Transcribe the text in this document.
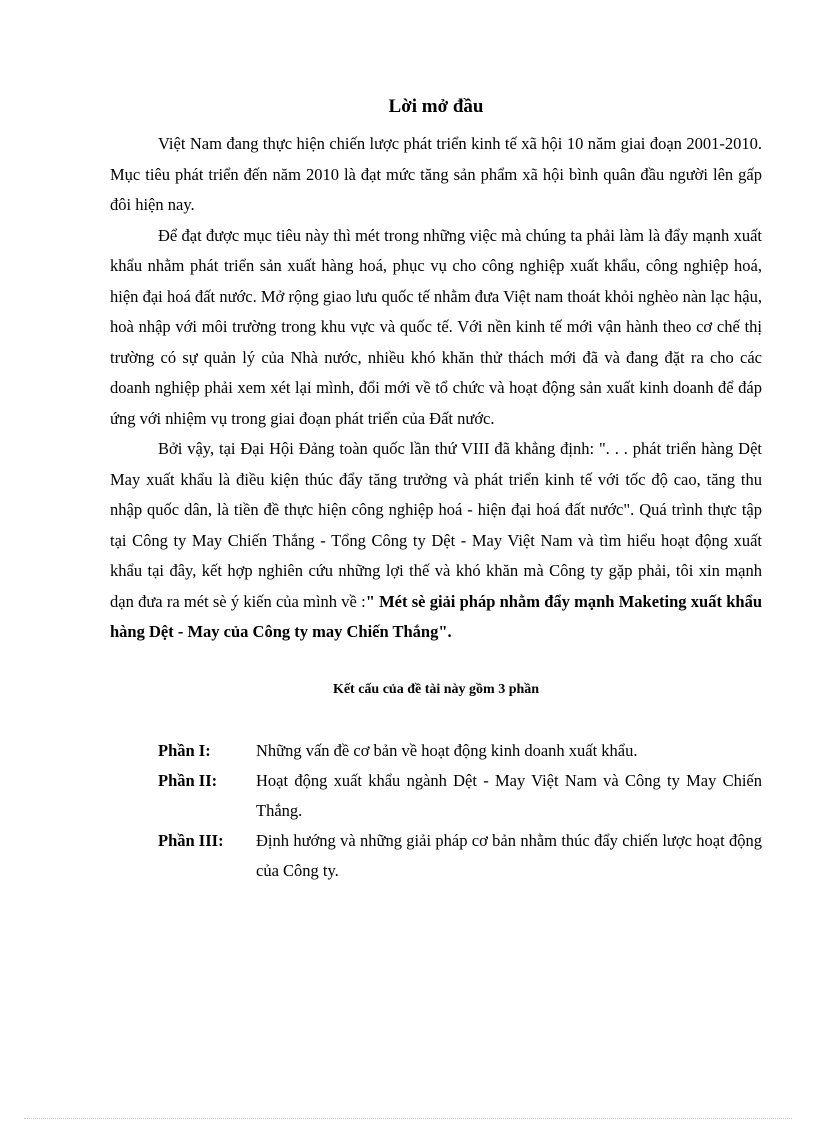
Lời mở đầu

Việt Nam đang thực hiện chiến lược phát triển kinh tế xã hội 10 năm giai đoạn 2001-2010. Mục tiêu phát triển đến năm 2010 là đạt mức tăng sản phẩm xã hội bình quân đầu người lên gấp đôi hiện nay.

Để đạt được mục tiêu này thì mét trong những việc mà chúng ta phải làm là đẩy mạnh xuất khẩu nhằm phát triển sản xuất hàng hoá, phục vụ cho công nghiệp xuất khẩu, công nghiệp hoá, hiện đại hoá đất nước. Mở rộng giao lưu quốc tế nhằm đưa Việt nam thoát khỏi nghèo nàn lạc hậu, hoà nhập với môi trường trong khu vực và quốc tế. Với nền kinh tế mới vận hành theo cơ chế thị trường có sự quản lý của Nhà nước, nhiều khó khăn thử thách mới đã và đang đặt ra cho các doanh nghiệp phải xem xét lại mình, đổi mới về tổ chức và hoạt động sản xuất kinh doanh để đáp ứng với nhiệm vụ trong giai đoạn phát triển của Đất nước.

Bởi vậy, tại Đại Hội Đảng toàn quốc lần thứ VIII đã khẳng định: ". . . phát triển hàng Dệt May xuất khẩu là điều kiện thúc đẩy tăng trưởng và phát triển kinh tế với tốc độ cao, tăng thu nhập quốc dân, là tiền đề thực hiện công nghiệp hoá - hiện đại hoá đất nước". Quá trình thực tập tại Công ty May Chiến Thắng - Tổng Công ty Dệt - May Việt Nam và tìm hiểu hoạt động xuất khẩu tại đây, kết hợp nghiên cứu những lợi thế và khó khăn mà Công ty gặp phải, tôi xin mạnh dạn đưa ra mét sè ý kiến của mình về :" Mét sè giải pháp nhằm đẩy mạnh Maketing xuất khẩu hàng Dệt - May của Công ty may Chiến Thắng".

Kết cấu của đề tài này gồm 3 phần
Phần I:	Những vấn đề cơ bản về hoạt động kinh doanh xuất khẩu.
Phần II:	Hoạt động xuất khẩu ngành Dệt - May Việt Nam và Công ty May Chiến Thắng.
Phần III:	Định hướng và những giải pháp cơ bản nhằm thúc đẩy chiến lược hoạt động của Công ty.
